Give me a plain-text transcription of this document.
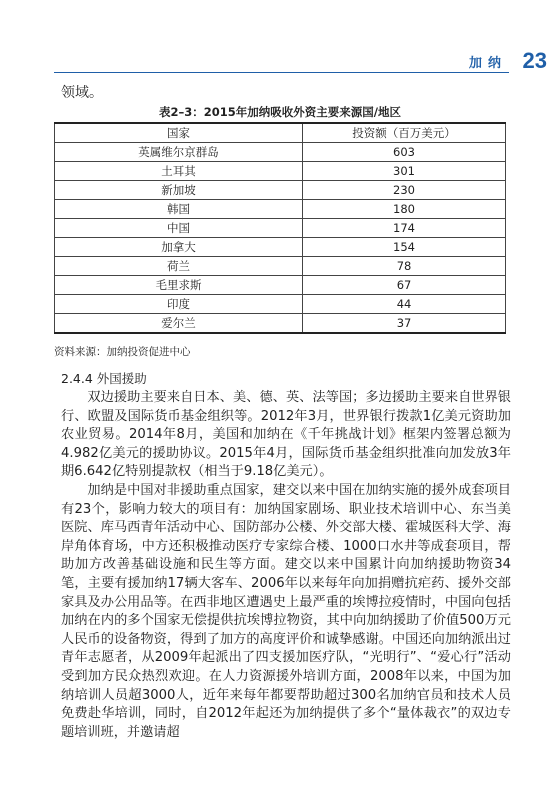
加纳 23
领域。
表2–3：2015年加纳吸收外资主要来源国/地区
国家	投资额（百万美元）
英属维尔京群岛	603
土耳其	301
新加坡	230
韩国	180
中国	174
加拿大	154
荷兰	78
毛里求斯	67
印度	44
爱尔兰	37
资料来源：加纳投资促进中心
2.4.4 外国援助

双边援助主要来自日本、美、德、英、法等国；多边援助主要来自世界银行、欧盟及国际货币基金组织等。2012年3月，世界银行拨款1亿美元资助加农业贸易。2014年8月，美国和加纳在《千年挑战计划》框架内签署总额为4.982亿美元的援助协议。2015年4月，国际货币基金组织批准向加发放3年期6.642亿特别提款权（相当于9.18亿美元）。

加纳是中国对非援助重点国家，建交以来中国在加纳实施的援外成套项目有23个，影响力较大的项目有：加纳国家剧场、职业技术培训中心、东当美医院、库马西青年活动中心、国防部办公楼、外交部大楼、霍城医科大学、海岸角体育场，中方还积极推动医疗专家综合楼、1000口水井等成套项目，帮助加方改善基础设施和民生等方面。建交以来中国累计向加纳援助物资34笔，主要有援加纳17辆大客车、2006年以来每年向加捐赠抗疟药、援外交部家具及办公用品等。在西非地区遭遇史上最严重的埃博拉疫情时，中国向包括加纳在内的多个国家无偿提供抗埃博拉物资，其中向加纳援助了价值500万元人民币的设备物资，得到了加方的高度评价和诚挚感谢。中国还向加纳派出过青年志愿者，从2009年起派出了四支援加医疗队，“光明行”、“爱心行”活动受到加方民众热烈欢迎。在人力资源援外培训方面，2008年以来，中国为加纳培训人员超3000人，近年来每年都要帮助超过300名加纳官员和技术人员免费赴华培训，同时，自2012年起还为加纳提供了多个“量体裁衣”的双边专题培训班，并邀请超
